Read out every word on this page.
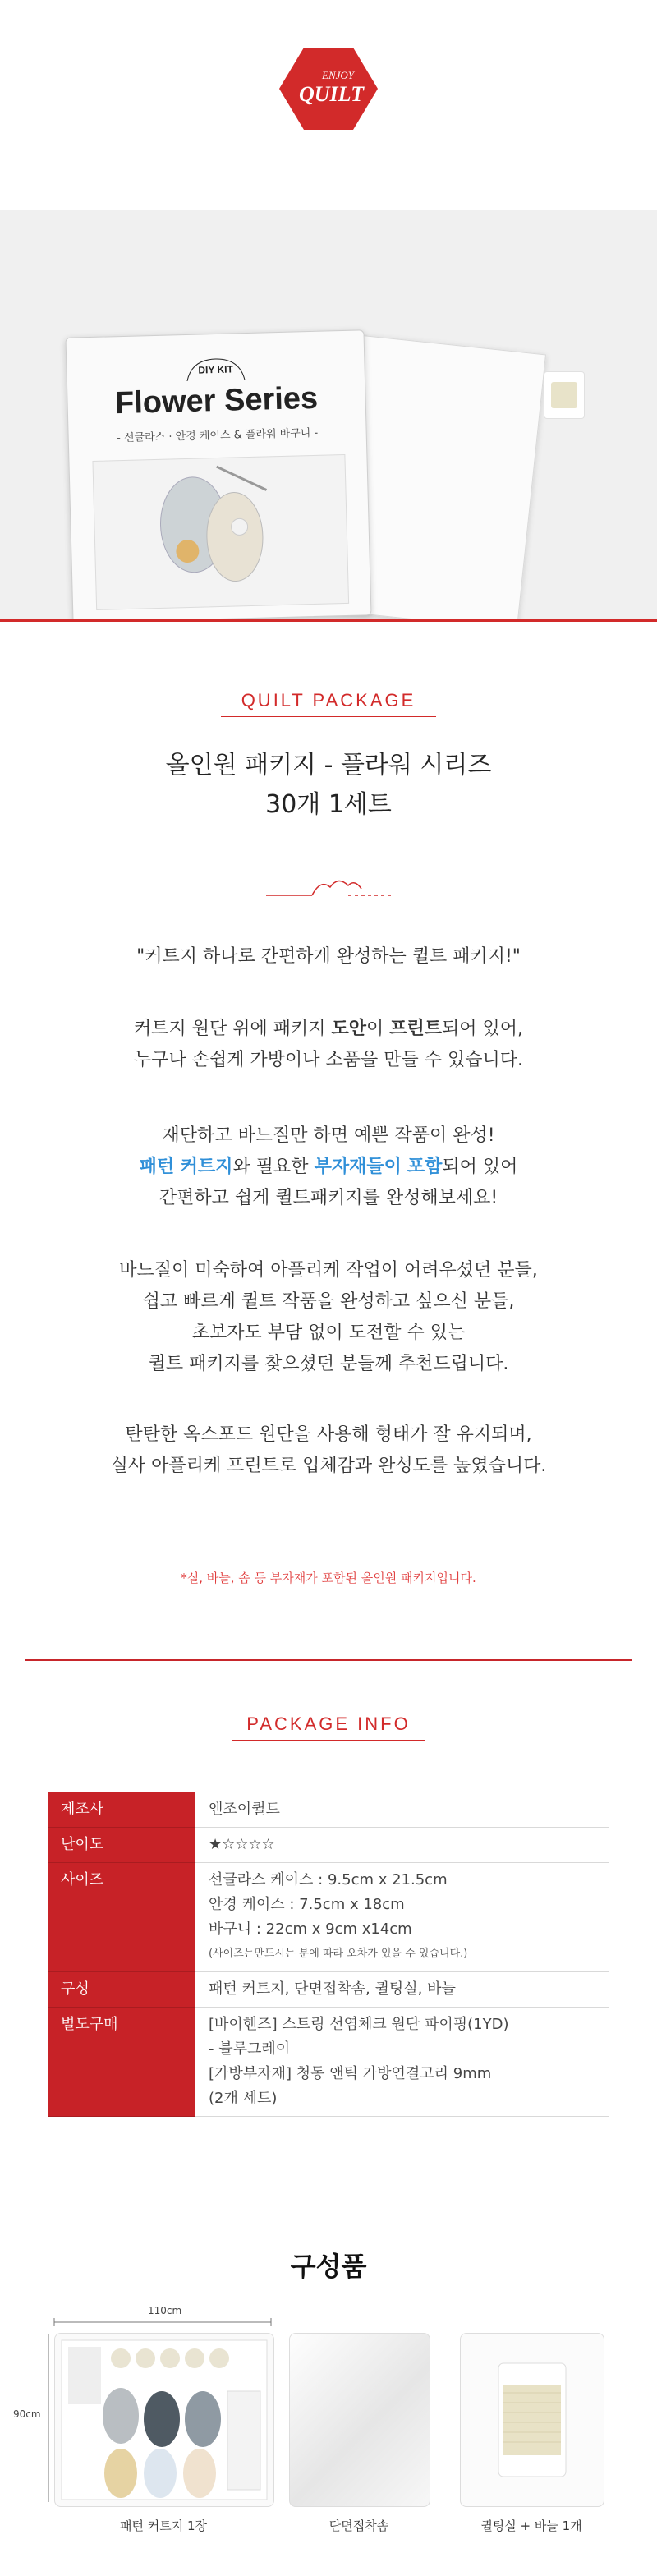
ENJOY
QUILT
DIY KIT
Flower Series
- 선글라스 · 안경 케이스 & 플라워 바구니 -
QUILT PACKAGE
올인원 패키지 - 플라워 시리즈
30개 1세트
"커트지 하나로 간편하게 완성하는 퀼트 패키지!"
커트지 원단 위에 패키지 도안이 프린트되어 있어,
누구나 손쉽게 가방이나 소품을 만들 수 있습니다.
재단하고 바느질만 하면 예쁜 작품이 완성!
패턴 커트지와 필요한 부자재들이 포함되어 있어
간편하고 쉽게 퀼트패키지를 완성해보세요!
바느질이 미숙하여 아플리케 작업이 어려우셨던 분들,
쉽고 빠르게 퀼트 작품을 완성하고 싶으신 분들,
초보자도 부담 없이 도전할 수 있는
퀼트 패키지를 찾으셨던 분들께 추천드립니다.
탄탄한 옥스포드 원단을 사용해 형태가 잘 유지되며,
실사 아플리케 프린트로 입체감과 완성도를 높였습니다.
*실, 바늘, 솜 등 부자재가 포함된 올인원 패키지입니다.
PACKAGE INFO
제조사	엔조이퀼트

난이도	★☆☆☆☆

사이즈	선글라스 케이스 : 9.5cm x 21.5cm
안경 케이스 : 7.5cm x 18cm
바구니 : 22cm x 9cm x14cm
(사이즈는만드시는 분에 따라 오차가 있을 수 있습니다.)

구성	패턴 커트지, 단면접착솜, 퀼팅실, 바늘

별도구매	[바이핸즈] 스트링 선염체크 원단 파이핑(1YD)
- 블루그레이
[가방부자재] 청동 앤틱 가방연결고리 9mm
(2개 세트)
구성품
110cm
90cm
패턴 커트지 1장	단면접착솜	퀼팅실 + 바늘 1개
